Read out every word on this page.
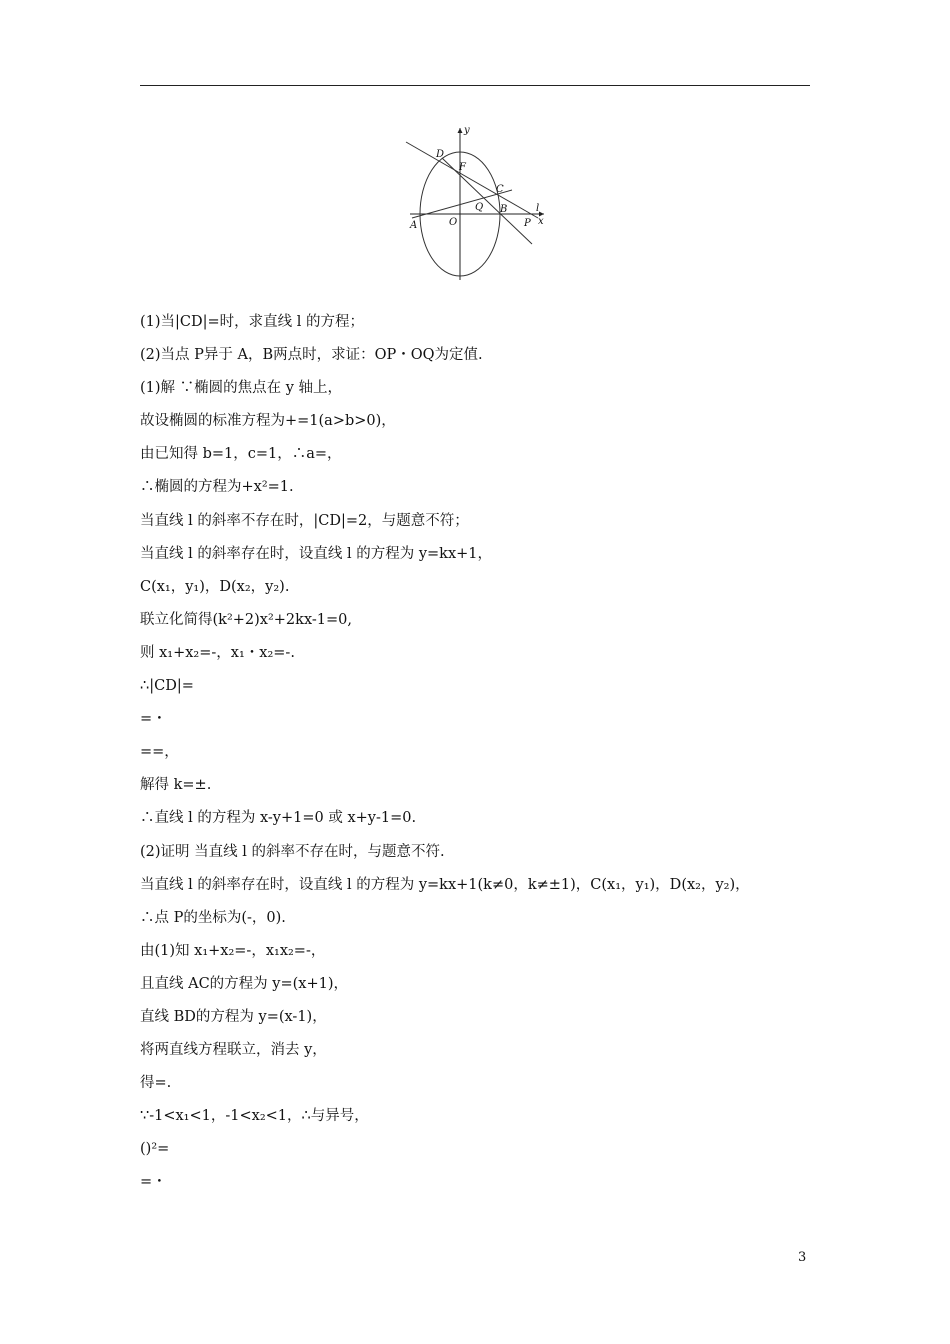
y
x
l
D
F
C
Q B
A	O	P
(1)当|CD|=时，求直线 l 的方程；
(2)当点 P异于 A，B两点时，求证：OP・OQ为定值.
(1)解 ∵椭圆的焦点在 y 轴上，
故设椭圆的标准方程为+=1(a>b>0)，
由已知得 b=1，c=1，∴a=，
∴椭圆的方程为+x²=1.
当直线 l 的斜率不存在时，|CD|=2，与题意不符；
当直线 l 的斜率存在时，设直线 l 的方程为 y=kx+1，
C(x₁，y₁)，D(x₂，y₂).
联立化简得(k²+2)x²+2kx-1=0,
则 x₁+x₂=-，x₁・x₂=-.
∴|CD|=
=・
==，
解得 k=±.
∴直线 l 的方程为 x-y+1=0 或 x+y-1=0.
(2)证明 当直线 l 的斜率不存在时，与题意不符.
当直线 l 的斜率存在时，设直线 l 的方程为 y=kx+1(k≠0，k≠±1)，C(x₁，y₁)，D(x₂，y₂)，
∴点 P的坐标为(-，0).
由(1)知 x₁+x₂=-，x₁x₂=-，
且直线 AC的方程为 y=(x+1)，
直线 BD的方程为 y=(x-1)，
将两直线方程联立，消去 y，
得=.
∵-1<x₁<1，-1<x₂<1，∴与异号，
()²=
=・
3
